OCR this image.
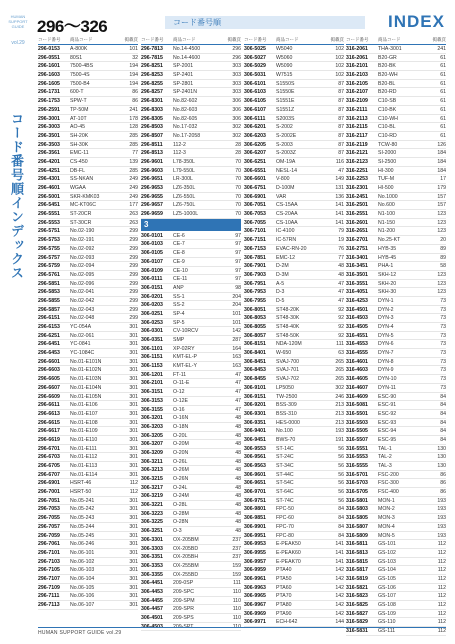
HUMAN SUPPORT GUIDE
vol.29
コード番号順インデックス
296～326	コード番号順	INDEX
コード番号	商品コード	掲載頁
296-0153	A-800K	101
296-0551	80S1	32
296-1601	7500-4BS	194
296-1603	7500-4S	194
296-1605	7500-B4	194
296-1731	600-T	86
296-1753	SPW-T	86
296-2591	TP-50M	241
296-3001	AT-10T	178
296-3003	AO-45	128
296-3501	SH-20K	285
296-3503	SH-30K	285
296-3561	EMC-11	77
296-4201	CS-450	139
296-4251	DB-FL	285
296-4301	SS-NKAN	249
296-4601	WGAA	249
296-5001	SKR-KMK03	249
296-5451	MC-KT06C	177
296-5551	ST-20CR	263
296-5553	ST-30CR	263
296-5751	No.02-190	299
296-5753	No.02-191	299
296-5755	No.02-092	299
296-5757	No.02-093	299
296-5759	No.02-094	299
296-5761	No.02-095	299
296-5851	No.02-096	299
296-5853	No.02-041	299
296-5855	No.02-042	299
296-5857	No.02-043	299
296-6151	No.02-048	299
296-6153	YC-054A	301
296-6251	No.02-061	301
296-6451	YC-0841	301
296-6453	YC-1084C	301
296-6601	No.01-E101N	301
296-6603	No.01-E102N	301
296-6605	No.01-E103N	301
296-6607	No.01-E104N	301
296-6609	No.01-E105N	301
296-6611	No.01-E106	301
296-6613	No.01-E107	301
296-6615	No.01-E108	301
296-6617	No.01-E109	301
296-6619	No.01-E110	301
296-6701	No.01-E111	301
296-6703	No.01-E112	301
296-6705	No.01-E113	301
296-6707	No.01-E114	301
296-6901	HSRT-46	112
296-7001	HSRT-50	112
296-7051	No.05-241	301
296-7053	No.05-242	301
296-7055	No.05-243	301
296-7057	No.05-244	301
296-7059	No.05-245	301
296-7061	No.06-246	301
296-7101	No.06-101	301
296-7103	No.06-102	301
296-7105	No.06-103	301
296-7107	No.06-104	301
296-7109	No.06-105	301
296-7111	No.06-106	301
296-7113	No.06-107	301
コード番号	商品コード	掲載頁
296-7813	No.14-4500	296
296-7815	No.14-4600	296
296-8251	SP-2001	303
296-8253	SP-2401	303
296-8255	SP-2801	303
296-8257	SP-2401N	303
296-8301	No.82-602	306
296-8303	No.82-603	306
296-8305	No.82-605	306
296-8503	No.17-032	302
296-8507	No.17-2058	302
296-8511	112-2	28
296-8513	112-3	28
296-9601	L78-350L	70
296-9603	L79-550L	70
296-9651	LR-300L	70
296-9653	LZ6-350L	70
296-9655	LZ6-550L	70
296-9657	LZ6-750L	70
296-9659	LZ5-1000L	70
3
306-0101	CE-6	97
306-0103	CE-7	97
306-0105	CE-8	97
306-0107	CE-9	97
306-0109	CE-10	97
306-0111	CE-11	97
306-0151	ANP	98
306-0201	SS-1	204
306-0203	SS-2	204
306-0251	SP-4	101
306-0253	SP-5	101
306-0301	CV-10RCV	142
306-0351	SMP	287
306-1101	XP-02RY	164
306-1151	KMT-EL-P	163
306-1153	KMT-EL-Y	163
306-1201	FT-11	47
306-2101	O-11-E	47
306-3151	O-12	47
306-3153	O-12E	47
306-3155	O-16	47
306-3201	O-16N	48
306-3203	O-18N	48
306-3205	O-20L	48
306-3207	O-20M	48
306-3209	O-20N	48
306-3211	O-26L	48
306-3213	O-26M	48
306-3215	O-26N	48
306-3217	O-24L	48
306-3219	O-24M	48
306-3221	O-28L	48
306-3223	O-28M	48
306-3225	O-28N	48
306-3251	O-3	48
306-3301	OX-205BM	237
306-3303	OX-205BD	237
306-3351	OX-205BH	237
306-3353	OX-255BM	159
306-3355	OX-255BD	159
306-4451	209-0SP	111
306-4453	209-SPC	110
306-4455	209-SPM	110
306-4457	209-SPR	110
306-4501	209-SPS	110
コード番号	商品コード	掲載頁
306-5025	W5040	102
306-5027	W5060	102
306-5029	W5090	102
306-5031	W7515	102
306-6101	S1550S	87
306-6103	S1550E	87
306-6105	S1551E	87
306-6107	S1551Z	87
306-6111	S2003S	87
306-6201	S-2002	87
306-6203	S-2002E	87
306-6205	S-2003	87
306-6207	S-2003Z	87
306-6251	OM-19A	116
306-6551	NESL-14	47
306-6601	V-800	149
306-6751	D-100M	131
306-6901	VAR	136
306-7051	CS-15AA	141
306-7053	CS-20AA	141
306-7055	CS-10AA	141
306-7101	IC-4100	79
306-7151	IC-57RN	19
306-7153	EVAC-RN-20	76
306-7851	EMC-12	77
306-7901	D-2M	48
306-7903	D-3M	48
306-7951	A-5	47
306-7953	D-3	47
306-7955	D-5	47
306-8051	ST48-20K	92
306-8053	ST48-30K	92
306-8055	ST48-40K	92
306-8057	ST48-50K	92
306-8151	NDA-120M	111
306-8401	W-650	63
306-8451	SVAJ-700	265
306-8453	SVAJ-701	265
306-8455	SVAJ-702	265
306-9101	LP5050	302
306-9151	TW-2500	246
306-9201	BSS-309	213
306-9301	BSS-310	213
306-9351	HES-0000	213
306-9401	No.100	193
306-9451	BWS-70	191
306-9553	ST-14C	56
306-9561	ST-24C	56
306-9563	ST-34C	56
306-9601	ST-44C	56
306-9651	ST-54C	56
306-9701	ST-64C	56
306-9751	ST-74C	56
306-9801	FPC-50	84
306-9851	FPC-60	84
306-9901	FPC-70	84
306-9951	FPC-80	84
306-9953	E-PEAK50	141
306-9955	E-PEAK60	141
306-9957	E-PEAK70	141
306-9959	PTA40	142
306-9961	PTA50	142
306-9963	PTA60	142
306-9965	PTA70	142
306-9967	PTA80	142
306-9969	PTA90	142
306-9971	ECH-642	144
コード番号	商品コード	掲載頁
316-2061	THA-3001	241
316-2061	B20-GR	61
316-2101	B20-BK	61
316-2103	B20-WH	61
316-2105	B20-BL	61
316-2107	B20-RD	61
316-2109	C10-SB	61
316-2111	C10-BK	61
316-2113	C10-WH	61
316-2115	C10-BL	61
316-2117	C10-RD	61
316-2119	TCW-80	126
316-2121	SI-2000	184
316-2123	SI-2500	184
316-2251	HI-300	184
316-2253	TUF-M	17
316-2301	HI-500	179
316-2451	No.1000	157
316-2501	No.600	157
316-2551	N1-100	123
316-2601	N1-150	123
316-2651	N1-200	123
316-2701	No.25-KT	20
316-2751	HYB-35	89
316-3401	HYB-45	89
316-3451	PHA-1	58
316-3501	SKH-12	123
316-3551	SKH-20	123
316-4051	SKH-30	123
316-4253	DYN-1	73
316-4501	DYN-2	73
316-4503	DYN-3	73
316-4505	DYN-4	73
316-4551	DYN-5	73
316-4553	DYN-6	73
316-4555	DYN-7	73
316-4601	DYN-8	73
316-4603	DYN-9	73
316-4605	DYN-10	73
316-4607	DYN-11	73
316-4609	ESC-90	84
316-5081	ESC-91	84
316-5501	ESC-92	84
316-5503	ESC-93	84
316-5505	ESC-94	84
316-5507	ESC-95	84
316-5551	TAL-1	130
316-5553	TAL-2	130
316-5555	TAL-3	130
316-5701	FSC-200	86
316-5703	FSC-300	86
316-5705	FSC-400	86
316-5801	MON-1	193
316-5803	MON-2	193
316-5805	MON-3	193
316-5807	MON-4	193
316-5809	MON-5	193
316-5811	GS-101	112
316-5813	GS-102	112
316-5815	GS-103	112
316-5817	GS-104	112
316-5819	GS-105	112
316-5821	GS-106	112
316-5823	GS-107	112
316-5825	GS-108	112
316-5827	GS-109	112
316-5829	GS-110	112
316-5831	GS-111	112
HUMAN SUPPORT GUIDE vol.29
